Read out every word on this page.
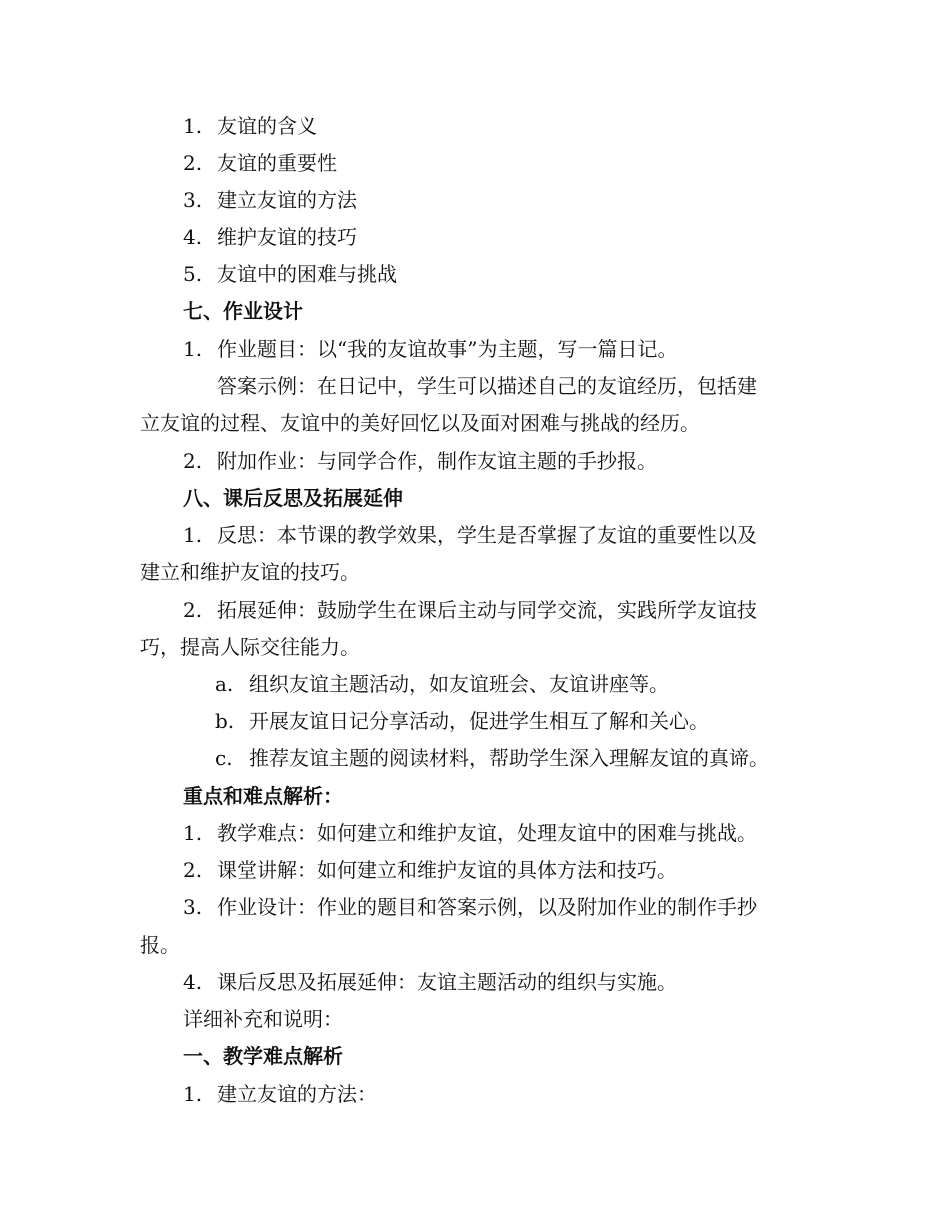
1. 友谊的含义
2. 友谊的重要性
3. 建立友谊的方法
4. 维护友谊的技巧
5. 友谊中的困难与挑战
七、作业设计
1. 作业题目：以“我的友谊故事”为主题，写一篇日记。
答案示例：在日记中，学生可以描述自己的友谊经历，包括建
立友谊的过程、友谊中的美好回忆以及面对困难与挑战的经历。
2. 附加作业：与同学合作，制作友谊主题的手抄报。
八、课后反思及拓展延伸
1. 反思：本节课的教学效果，学生是否掌握了友谊的重要性以及
建立和维护友谊的技巧。
2. 拓展延伸：鼓励学生在课后主动与同学交流，实践所学友谊技
巧，提高人际交往能力。
a. 组织友谊主题活动，如友谊班会、友谊讲座等。
b. 开展友谊日记分享活动，促进学生相互了解和关心。
c. 推荐友谊主题的阅读材料，帮助学生深入理解友谊的真谛。
重点和难点解析：
1. 教学难点：如何建立和维护友谊，处理友谊中的困难与挑战。
2. 课堂讲解：如何建立和维护友谊的具体方法和技巧。
3. 作业设计：作业的题目和答案示例，以及附加作业的制作手抄
报。
4. 课后反思及拓展延伸：友谊主题活动的组织与实施。
详细补充和说明：
一、教学难点解析
1. 建立友谊的方法：
